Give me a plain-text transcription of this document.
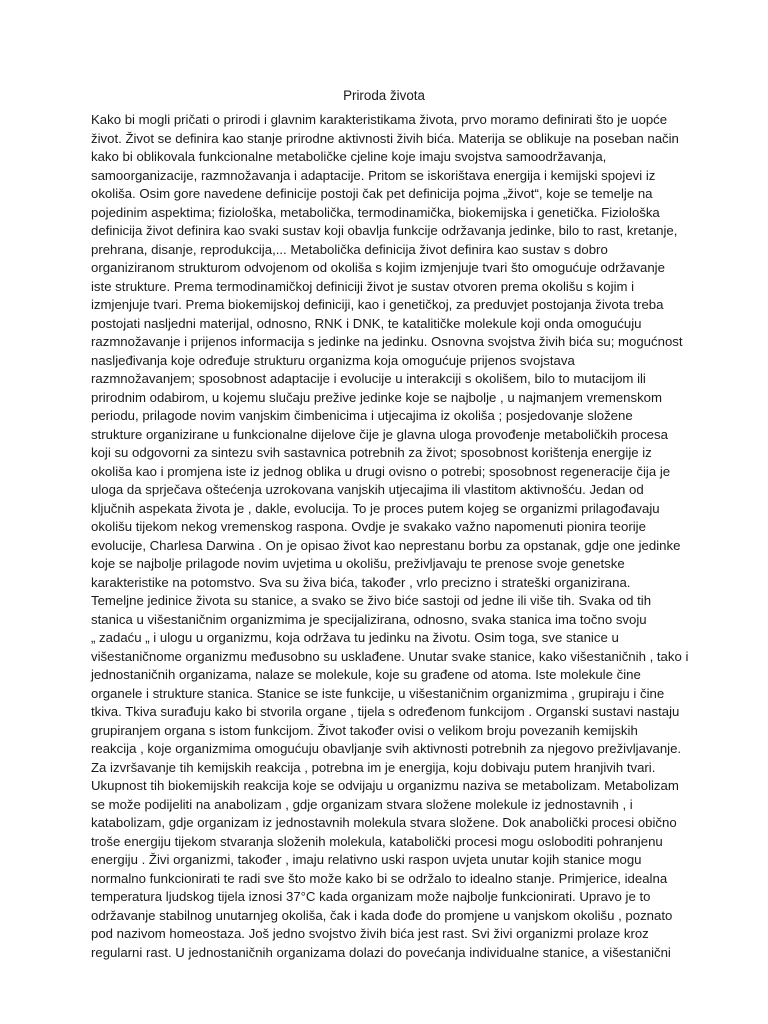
Priroda života
Kako bi mogli pričati o prirodi i glavnim karakteristikama života, prvo moramo definirati što je uopće
život. Život se definira kao stanje prirodne aktivnosti živih bića. Materija se oblikuje na poseban način
kako bi oblikovala funkcionalne metaboličke cjeline koje imaju svojstva samoodržavanja,
samoorganizacije, razmnožavanja i adaptacije. Pritom se iskorištava energija i kemijski spojevi iz
okoliša. Osim gore navedene definicije postoji čak pet definicija pojma „život“, koje se temelje na
pojedinim aspektima; fiziološka, metabolička, termodinamička, biokemijska i genetička. Fiziološka
definicija život definira kao svaki sustav koji obavlja funkcije održavanja jedinke, bilo to rast, kretanje,
prehrana, disanje, reprodukcija,... Metabolička definicija život definira kao sustav s dobro
organiziranom strukturom odvojenom od okoliša s kojim izmjenjuje tvari što omogućuje održavanje
iste strukture. Prema termodinamičkoj definiciji život je sustav otvoren prema okolišu s kojim i
izmjenjuje tvari. Prema biokemijskoj definiciji, kao i genetičkoj, za preduvjet postojanja života treba
postojati nasljedni materijal, odnosno, RNK i DNK, te katalitičke molekule koji onda omogućuju
razmnožavanje i prijenos informacija s jedinke na jedinku. Osnovna svojstva živih bića su; mogućnost
nasljeđivanja koje određuje strukturu organizma koja omogućuje prijenos svojstava
razmnožavanjem; sposobnost adaptacije i evolucije u interakciji s okolišem, bilo to mutacijom ili
prirodnim odabirom, u kojemu slučaju preživе jedinke koje se najbolje , u najmanjem vremenskom
periodu, prilagode novim vanjskim čimbenicima i utjecajima iz okoliša ; posjedovanje složene
strukture organizirane u funkcionalne dijelove čije je glavna uloga provođenje metaboličkih procesa
koji su odgovorni za sintezu svih sastavnica potrebnih za život; sposobnost korištenja energije iz
okoliša kao i promjena iste iz jednog oblika u drugi ovisno o potrebi; sposobnost regeneracije čija je
uloga da sprječava oštećenja uzrokovana vanjskih utjecajima ili vlastitom aktivnošću. Jedan od
ključnih aspekata života je , dakle, evolucija. To je proces putem kojeg se organizmi prilagođavaju
okolišu tijekom nekog vremenskog raspona. Ovdje je svakako važno napomenuti pionira teorije
evolucije, Charlesa Darwina . On je opisao život kao neprestanu borbu za opstanak, gdje one jedinke
koje se najbolje prilagode novim uvjetima u okolišu, preživljavaju te prenose svoje genetske
karakteristike na potomstvo. Sva su živa bića, također , vrlo precizno i strateški organizirana.
Temeljne jedinice života su stanice, a svako se živo biće sastoji od jedne ili više tih. Svaka od tih
stanica u višestaničnim organizmima je specijalizirana, odnosno, svaka stanica ima točno svoju
„ zadaću „ i ulogu u organizmu, koja održava tu jedinku na životu. Osim toga, sve stanice u
višestaničnome organizmu međusobno su usklađene. Unutar svake stanice, kako višestaničnih , tako i
jednostaničnih organizama, nalaze se molekule, koje su građene od atoma. Iste molekule čine
organele i strukture stanica. Stanice se iste funkcije, u višestaničnim organizmima , grupiraju i čine
tkiva. Tkiva surađuju kako bi stvorila organe , tijela s određenom funkcijom . Organski sustavi nastaju
grupiranjem organa s istom funkcijom. Život također ovisi o velikom broju povezanih kemijskih
reakcija , koje organizmima omogućuju obavljanje svih aktivnosti potrebnih za njegovo preživljavanje.
Za izvršavanje tih kemijskih reakcija , potrebna im je energija, koju dobivaju putem hranjivih tvari.
Ukupnost tih biokemijskih reakcija koje se odvijaju u organizmu naziva se metabolizam. Metabolizam
se može podijeliti na anabolizam , gdje organizam stvara složene molekule iz jednostavnih , i
katabolizam, gdje organizam iz jednostavnih molekula stvara složene. Dok anabolički procesi obično
troše energiju tijekom stvaranja složenih molekula, katabolički procesi mogu osloboditi pohranjenu
energiju . Živi organizmi, također , imaju relativno uski raspon uvjeta unutar kojih stanice mogu
normalno funkcionirati te radi sve što može kako bi se održalo to idealno stanje. Primjerice, idealna
temperatura ljudskog tijela iznosi 37°C kada organizam može najbolje funkcionirati. Upravo je to
održavanje stabilnog unutarnjeg okoliša, čak i kada dođe do promjene u vanjskom okolišu , poznato
pod nazivom homeostaza. Još jedno svojstvo živih bića jest rast. Svi živi organizmi prolaze kroz
regularni rast. U jednostaničnih organizama dolazi do povećanja individualne stanice, a višestanični
